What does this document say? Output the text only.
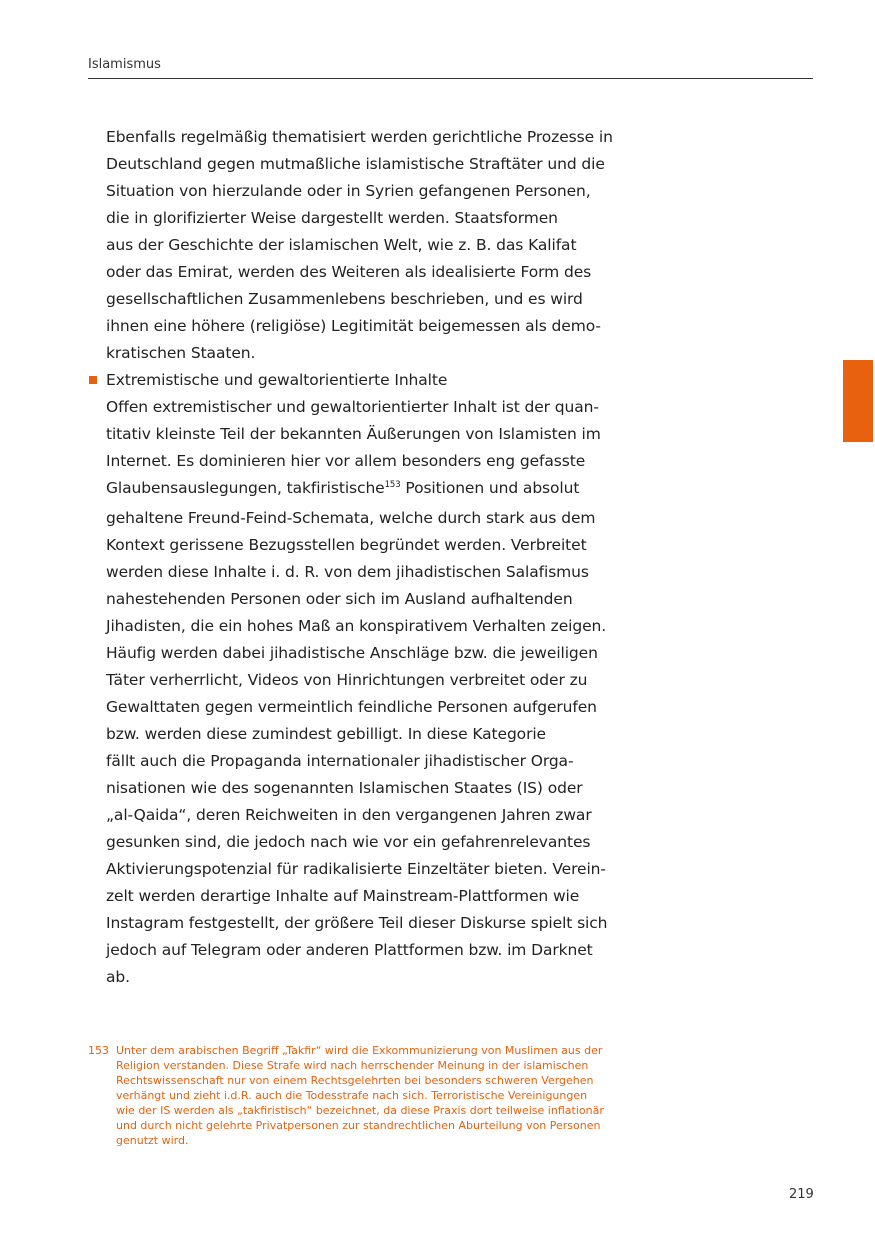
Islamismus
Ebenfalls regelmäßig thematisiert werden gerichtliche Prozesse in
Deutschland gegen mutmaßliche islamistische Straftäter und die
Situation von hierzulande oder in Syrien gefangenen Personen,
die in glorifizierter Weise dargestellt werden. Staatsformen
aus der Geschichte der islamischen Welt, wie z. B. das Kalifat
oder das Emirat, werden des Weiteren als idealisierte Form des
gesellschaftlichen Zusammenlebens beschrieben, und es wird
ihnen eine höhere (religiöse) Legitimität beigemessen als demo-
kratischen Staaten.
Extremistische und gewaltorientierte Inhalte
Offen extremistischer und gewaltorientierter Inhalt ist der quan-
titativ kleinste Teil der bekannten Äußerungen von Islamisten im
Internet. Es dominieren hier vor allem besonders eng gefasste
Glaubensauslegungen, takfiristische$^{153}$ Positionen und absolut
gehaltene Freund-Feind-Schemata, welche durch stark aus dem
Kontext gerissene Bezugsstellen begründet werden. Verbreitet
werden diese Inhalte i. d. R. von dem jihadistischen Salafismus
nahestehenden Personen oder sich im Ausland aufhaltenden
Jihadisten, die ein hohes Maß an konspirativem Verhalten zeigen.
Häufig werden dabei jihadistische Anschläge bzw. die jeweiligen
Täter verherrlicht, Videos von Hinrichtungen verbreitet oder zu
Gewalttaten gegen vermeintlich feindliche Personen aufgerufen
bzw. werden diese zumindest gebilligt. In diese Kategorie
fällt auch die Propaganda internationaler jihadistischer Orga-
nisationen wie des sogenannten Islamischen Staates (IS) oder
„al-Qaida“, deren Reichweiten in den vergangenen Jahren zwar
gesunken sind, die jedoch nach wie vor ein gefahrenrelevantes
Aktivierungspotenzial für radikalisierte Einzeltäter bieten. Verein-
zelt werden derartige Inhalte auf Mainstream-Plattformen wie
Instagram festgestellt, der größere Teil dieser Diskurse spielt sich
jedoch auf Telegram oder anderen Plattformen bzw. im Darknet
ab.
153 Unter dem arabischen Begriff „Takfir“ wird die Exkommunizierung von Muslimen aus der
Religion verstanden. Diese Strafe wird nach herrschender Meinung in der islamischen
Rechtswissenschaft nur von einem Rechtsgelehrten bei besonders schweren Vergehen
verhängt und zieht i.d.R. auch die Todesstrafe nach sich. Terroristische Vereinigungen
wie der IS werden als „takfiristisch“ bezeichnet, da diese Praxis dort teilweise inflationär
und durch nicht gelehrte Privatpersonen zur standrechtlichen Aburteilung von Personen
genutzt wird.
219
